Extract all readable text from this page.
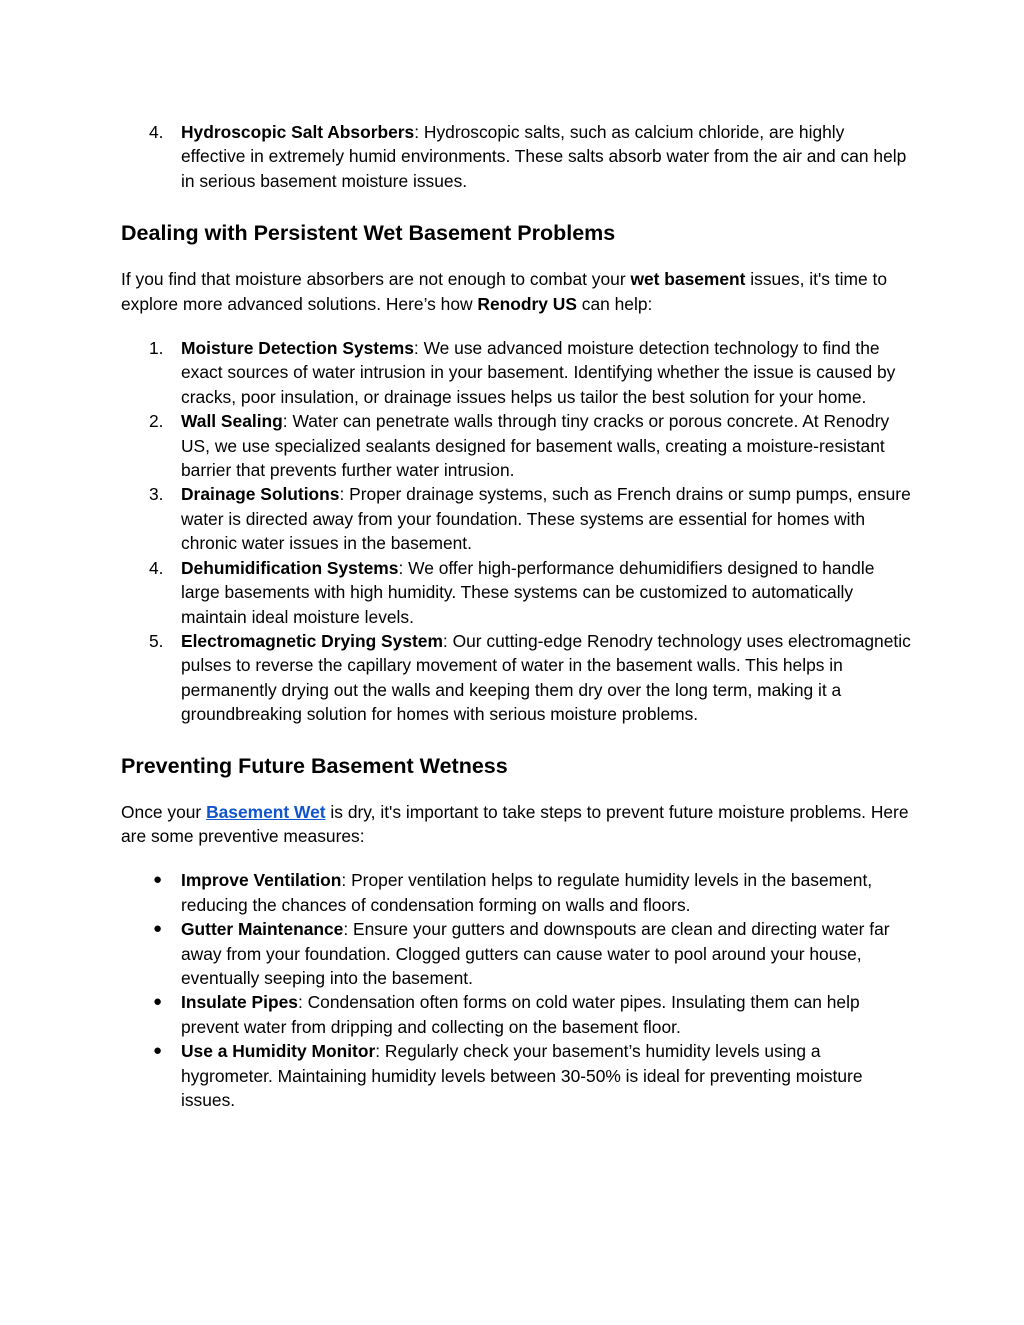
4. Hydroscopic Salt Absorbers: Hydroscopic salts, such as calcium chloride, are highly effective in extremely humid environments. These salts absorb water from the air and can help in serious basement moisture issues.
Dealing with Persistent Wet Basement Problems

If you find that moisture absorbers are not enough to combat your wet basement issues, it's time to explore more advanced solutions. Here’s how Renodry US can help:

1. Moisture Detection Systems: We use advanced moisture detection technology to find the exact sources of water intrusion in your basement. Identifying whether the issue is caused by cracks, poor insulation, or drainage issues helps us tailor the best solution for your home.
2. Wall Sealing: Water can penetrate walls through tiny cracks or porous concrete. At Renodry US, we use specialized sealants designed for basement walls, creating a moisture-resistant barrier that prevents further water intrusion.
3. Drainage Solutions: Proper drainage systems, such as French drains or sump pumps, ensure water is directed away from your foundation. These systems are essential for homes with chronic water issues in the basement.
4. Dehumidification Systems: We offer high-performance dehumidifiers designed to handle large basements with high humidity. These systems can be customized to automatically maintain ideal moisture levels.
5. Electromagnetic Drying System: Our cutting-edge Renodry technology uses electromagnetic pulses to reverse the capillary movement of water in the basement walls. This helps in permanently drying out the walls and keeping them dry over the long term, making it a groundbreaking solution for homes with serious moisture problems.
Preventing Future Basement Wetness

Once your Basement Wet is dry, it's important to take steps to prevent future moisture problems. Here are some preventive measures:

● Improve Ventilation: Proper ventilation helps to regulate humidity levels in the basement, reducing the chances of condensation forming on walls and floors.
● Gutter Maintenance: Ensure your gutters and downspouts are clean and directing water far away from your foundation. Clogged gutters can cause water to pool around your house, eventually seeping into the basement.
● Insulate Pipes: Condensation often forms on cold water pipes. Insulating them can help prevent water from dripping and collecting on the basement floor.
● Use a Humidity Monitor: Regularly check your basement’s humidity levels using a hygrometer. Maintaining humidity levels between 30-50% is ideal for preventing moisture issues.
